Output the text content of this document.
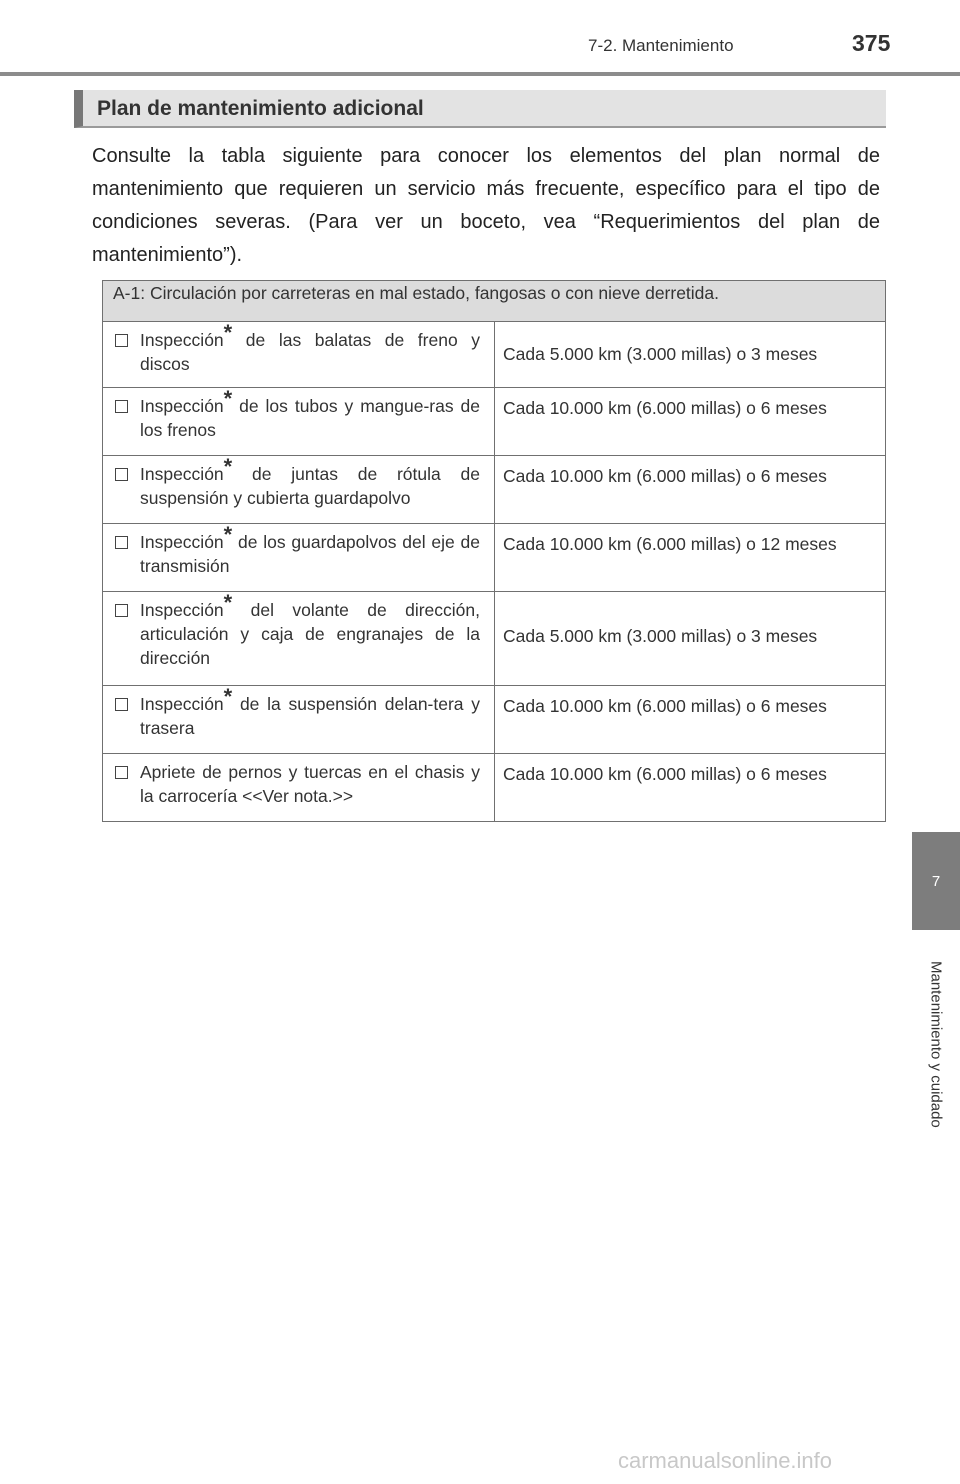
7-2. Mantenimiento	375
7
Mantenimiento y cuidado
Plan de mantenimiento adicional
Consulte la tabla siguiente para conocer los elementos del plan normal de mantenimiento que requieren un servicio más frecuente, específico para el tipo de condiciones severas. (Para ver un boceto, vea “Requerimientos del plan de mantenimiento”).
A-1: Circulación por carreteras en mal estado, fangosas o con nieve derretida.	

Inspección* de las balatas de freno y discos	Cada 5.000 km (3.000 millas) o 3 meses

Inspección* de los tubos y mangue-ras de los frenos	Cada 10.000 km (6.000 millas) o 6 meses

Inspección* de juntas de rótula de suspensión y cubierta guardapolvo	Cada 10.000 km (6.000 millas) o 6 meses

Inspección* de los guardapolvos del eje de transmisión	Cada 10.000 km (6.000 millas) o 12 meses

Inspección* del volante de dirección, articulación y caja de engranajes de la dirección	Cada 5.000 km (3.000 millas) o 3 meses

Inspección* de la suspensión delan-tera y trasera	Cada 10.000 km (6.000 millas) o 6 meses

Apriete de pernos y tuercas en el chasis y la carrocería <<Ver nota.>>	Cada 10.000 km (6.000 millas) o 6 meses
carmanualsonline.info
